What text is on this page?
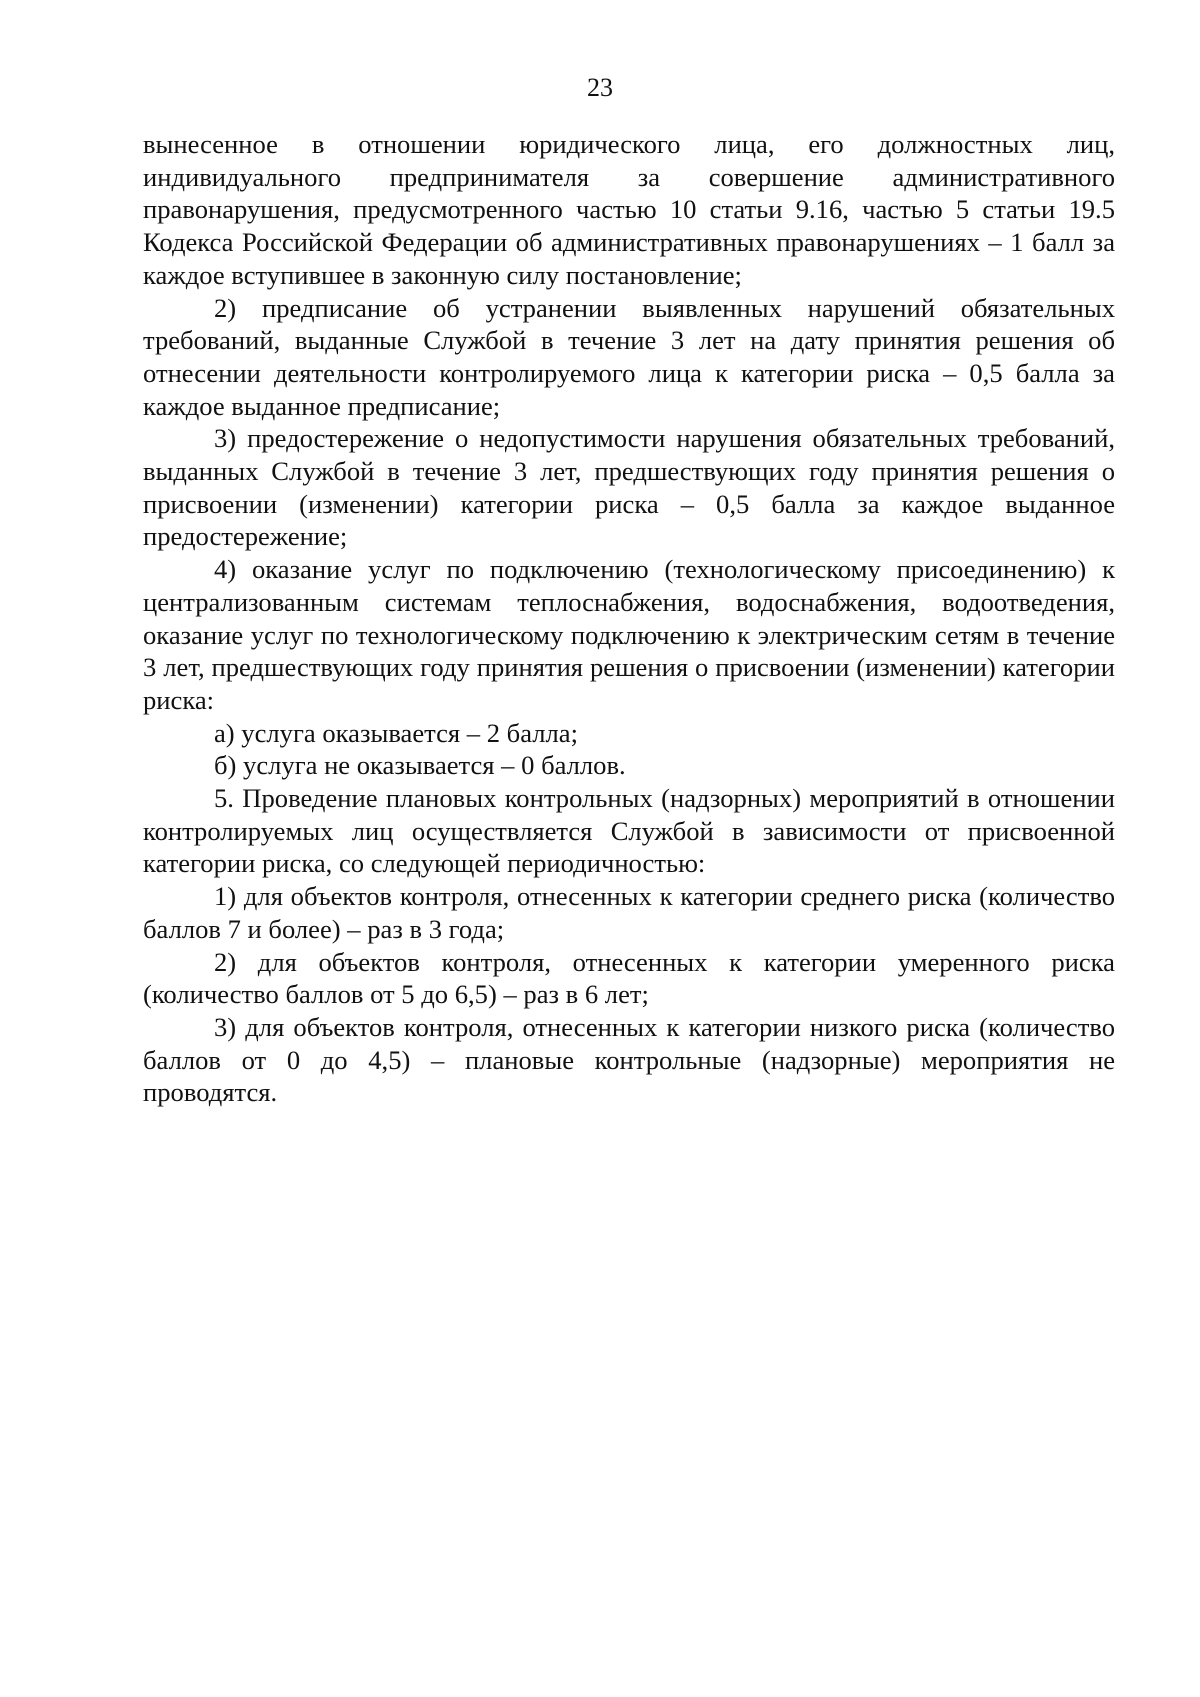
23

вынесенное в отношении юридического лица, его должностных лиц, индивидуального предпринимателя за совершение административного правонарушения, предусмотренного частью 10 статьи 9.16, частью 5 статьи 19.5 Кодекса Российской Федерации об административных правонарушениях – 1 балл за каждое вступившее в законную силу постановление;

2) предписание об устранении выявленных нарушений обязательных требований, выданные Службой в течение 3 лет на дату принятия решения об отнесении деятельности контролируемого лица к категории риска – 0,5 балла за каждое выданное предписание;

3) предостережение о недопустимости нарушения обязательных требований, выданных Службой в течение 3 лет, предшествующих году принятия решения о присвоении (изменении) категории риска – 0,5 балла за каждое выданное предостережение;

4) оказание услуг по подключению (технологическому присоединению) к централизованным системам теплоснабжения, водоснабжения, водоотведения, оказание услуг по технологическому подключению к электрическим сетям в течение 3 лет, предшествующих году принятия решения о присвоении (изменении) категории риска:

а) услуга оказывается – 2 балла;

б) услуга не оказывается – 0 баллов.

5. Проведение плановых контрольных (надзорных) мероприятий в отношении контролируемых лиц осуществляется Службой в зависимости от присвоенной категории риска, со следующей периодичностью:

1) для объектов контроля, отнесенных к категории среднего риска (количество баллов 7 и более) – раз в 3 года;

2) для объектов контроля, отнесенных к категории умеренного риска (количество баллов от 5 до 6,5) – раз в 6 лет;

3) для объектов контроля, отнесенных к категории низкого риска (количество баллов от 0 до 4,5) – плановые контрольные (надзорные) мероприятия не проводятся.
